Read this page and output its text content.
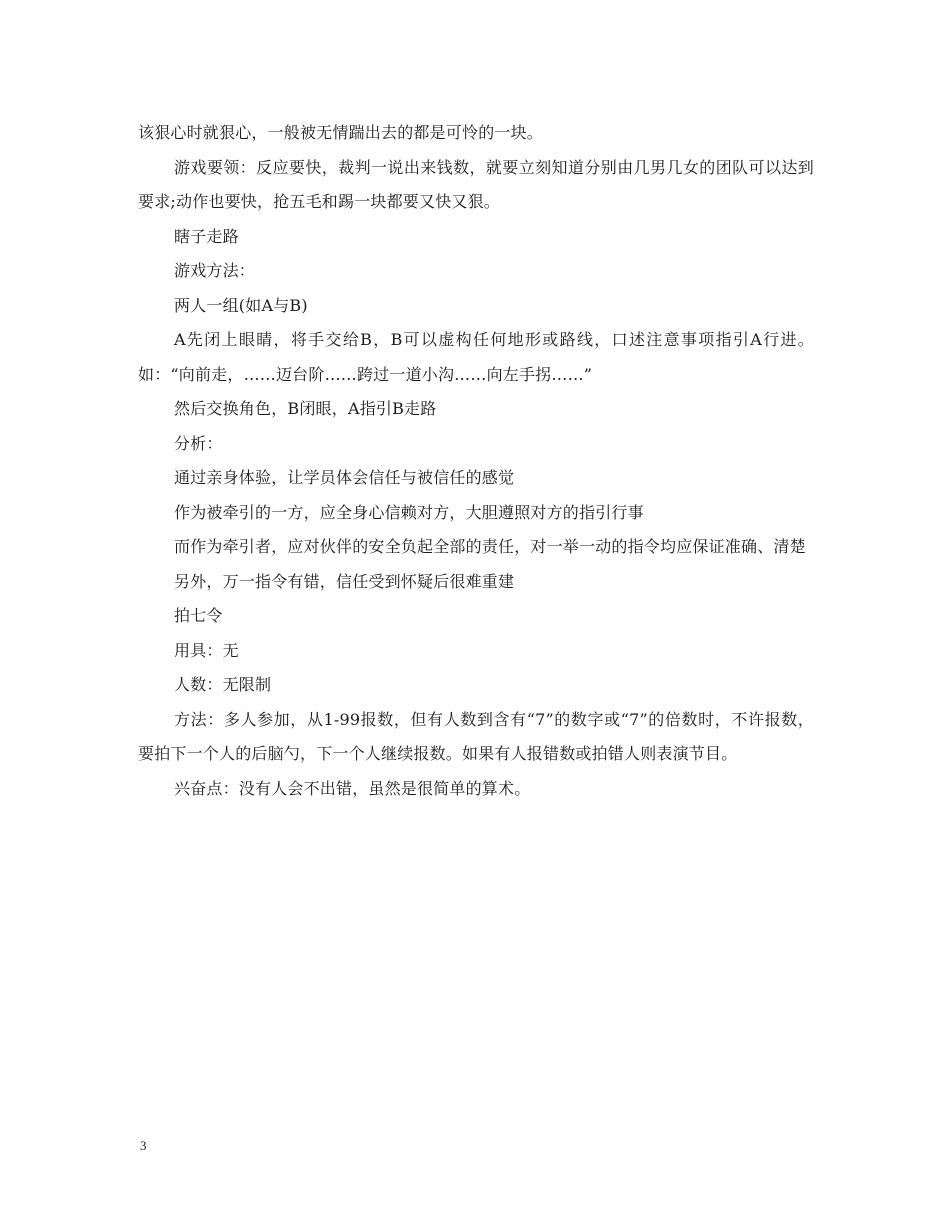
该狠心时就狠心，一般被无情踹出去的都是可怜的一块。

游戏要领：反应要快，裁判一说出来钱数，就要立刻知道分别由几男几女的团队可以达到要求;动作也要快，抢五毛和踢一块都要又快又狠。

瞎子走路

游戏方法：

两人一组(如A与B)

A先闭上眼睛，将手交给B，B可以虚构任何地形或路线，口述注意事项指引A行进。如：“向前走，……迈台阶……跨过一道小沟……向左手拐……”

然后交换角色，B闭眼，A指引B走路

分析：

通过亲身体验，让学员体会信任与被信任的感觉

作为被牵引的一方，应全身心信赖对方，大胆遵照对方的指引行事

而作为牵引者，应对伙伴的安全负起全部的责任，对一举一动的指令均应保证准确、清楚

另外，万一指令有错，信任受到怀疑后很难重建

拍七令

用具：无

人数：无限制

方法：多人参加，从1-99报数，但有人数到含有“7”的数字或“7”的倍数时，不许报数，要拍下一个人的后脑勺，下一个人继续报数。如果有人报错数或拍错人则表演节目。

兴奋点：没有人会不出错，虽然是很简单的算术。

3
